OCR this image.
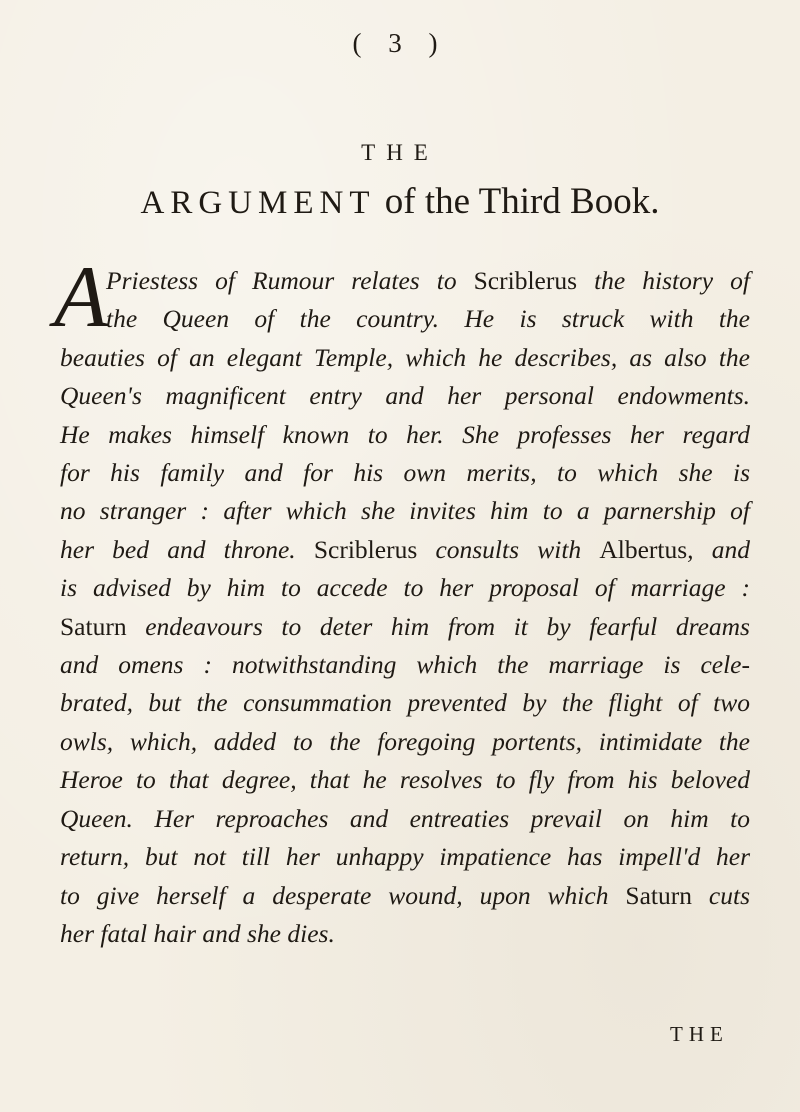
( 3 )
THE
ARGUMENT of the Third Book.
A
Priestess of Rumour relates to Scriblerus the history of
the Queen of the country. He is struck with the
beauties of an elegant Temple, which he describes, as also the
Queen's magnificent entry and her personal endowments.
He makes himself known to her. She professes her regard
for his family and for his own merits, to which she is
no stranger : after which she invites him to a parnership of
her bed and throne. Scriblerus consults with Albertus, and
is advised by him to accede to her proposal of marriage :
Saturn endeavours to deter him from it by fearful dreams
and omens : notwithstanding which the marriage is cele-
brated, but the consummation prevented by the flight of two
owls, which, added to the foregoing portents, intimidate the
Heroe to that degree, that he resolves to fly from his beloved
Queen. Her reproaches and entreaties prevail on him to
return, but not till her unhappy impatience has impell'd her
to give herself a desperate wound, upon which Saturn cuts
her fatal hair and she dies.
THE
